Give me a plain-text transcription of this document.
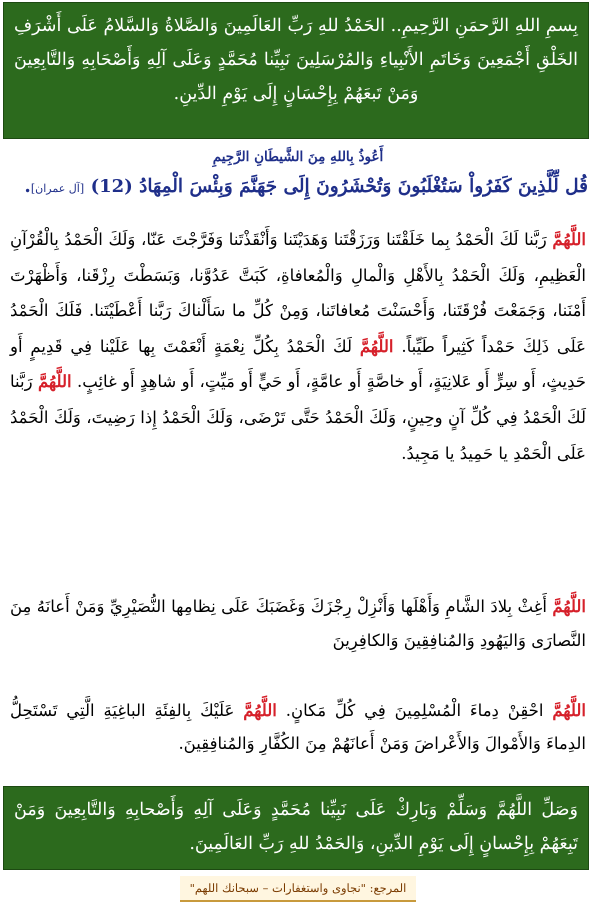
بِسمِ اللهِ الرَّحمَنِ الرَّحِيمِ.. الحَمْدُ للهِ رَبِّ العَالَمِينَ وَالصَّلاةُ وَالسَّلامُ عَلَى أَشْرَفِ الخَلْقِ أَجْمَعِينَ وَخَاتَمِ الأَنْبِياءِ وَالمُرْسَلِينَ نَبِيِّنا مُحَمَّدٍ وَعَلَى آلِهِ وَأَصْحَابِهِ وَالتَّابِعِينَ وَمَنْ تَبعَهُمْ بِإِحْسَانٍ إِلَى يَوْمِ الدِّينِ.
أَعُوذُ بِاللهِ مِنَ الشَّيطَانِ الرَّجِيمِ
قُل لِّلَّذِينَ كَفَرُواْ سَتُغْلَبُونَ وَتُحْشَرُونَ إِلَى جَهَنَّمَ وَبِئْسَ الْمِهَادُ (12) [آل عمران].
اللَّهُمَّ رَبَّنا لَكَ الْحَمْدُ بِما خَلَقْتَنا وَرَزَقْتَنا وَهَدَيْتَنا وَأَنْقَذْتَنا وَفَرَّجْتَ عَنّا، وَلَكَ الْحَمْدُ بِالْقُرْآنِ الْعَظِيمِ، وَلَكَ الْحَمْدُ بِالأَهْلِ وَالْمالِ وَالْمُعافاةِ، كَبَتَّ عَدُوَّنا، وَبَسَطْتَ رِزْقَنا، وَأَظْهَرْتَ أَمْنَنا، وَجَمَعْتَ فُرْقَتَنا، وَأَحْسَنْتَ مُعافاتَنا، وَمِنْ كُلِّ ما سَأَلْناكَ رَبَّنا أَعْطَيْتَنا. فَلَكَ الْحَمْدُ عَلَى ذَلِكَ حَمْداً كَثِيراً طَيِّباً. اللَّهُمَّ لَكَ الْحَمْدُ بِكُلِّ نِعْمَةٍ أَنْعَمْتَ بِها عَلَيْنا فِي قَدِيمٍ أَو حَدِيثٍ، أَو سِرٍّ أَو عَلانِيَةٍ، أَو خاصَّةٍ أَو عامَّةٍ، أَو حَيٍّ أَو مَيِّتٍ، أَو شاهِدٍ أَو غائِبٍ. اللَّهُمَّ رَبَّنا لَكَ الْحَمْدُ فِي كُلِّ آنٍ وحِينٍ، وَلَكَ الْحَمْدُ حَتَّى تَرْضَى، وَلَكَ الْحَمْدُ إِذا رَضِيتَ، وَلَكَ الْحَمْدُ عَلَى الْحَمْدِ يا حَمِيدُ يا مَجِيدُ.
اللَّهُمَّ أَغِثْ بِلادَ الشَّامِ وَأَهْلَها وَأَنْزِلْ رِجْزَكَ وَغَضَبَكَ عَلَى نِظامِها النُّصَيْرِيِّ وَمَنْ أَعانَهُ مِنَ النَّصارَى وَاليَهُودِ وَالمُنافِقِينَ وَالكافِرِينَ
اللَّهُمَّ احْقِنْ دِماءَ الْمُسْلِمِينَ فِي كُلِّ مَكانٍ. اللَّهُمَّ عَلَيْكَ بِالفِئَةِ الباغِيَةِ الَّتِي تَسْتَحِلُّ الدِماءَ وَالأَمْوالَ وَالأَعْراضَ وَمَنْ أَعانَهُمْ مِنَ الكُفَّارِ وَالمُنافِقِينَ.
وَصَلِّ اللَّهُمَّ وَسَلِّمْ وَبَارِكْ عَلَى نَبِيِّنا مُحَمَّدٍ وَعَلَى آلِهِ وَأَصْحابِهِ وَالتَّابِعِينَ وَمَنْ تَبِعَهُمْ بِإِحْسانٍ إِلَى يَوْمِ الدِّينِ، وَالحَمْدُ للهِ رَبِّ العَالَمِينَ.
المرجع: "نجاوى واستغفارات – سبحانك اللهم"
